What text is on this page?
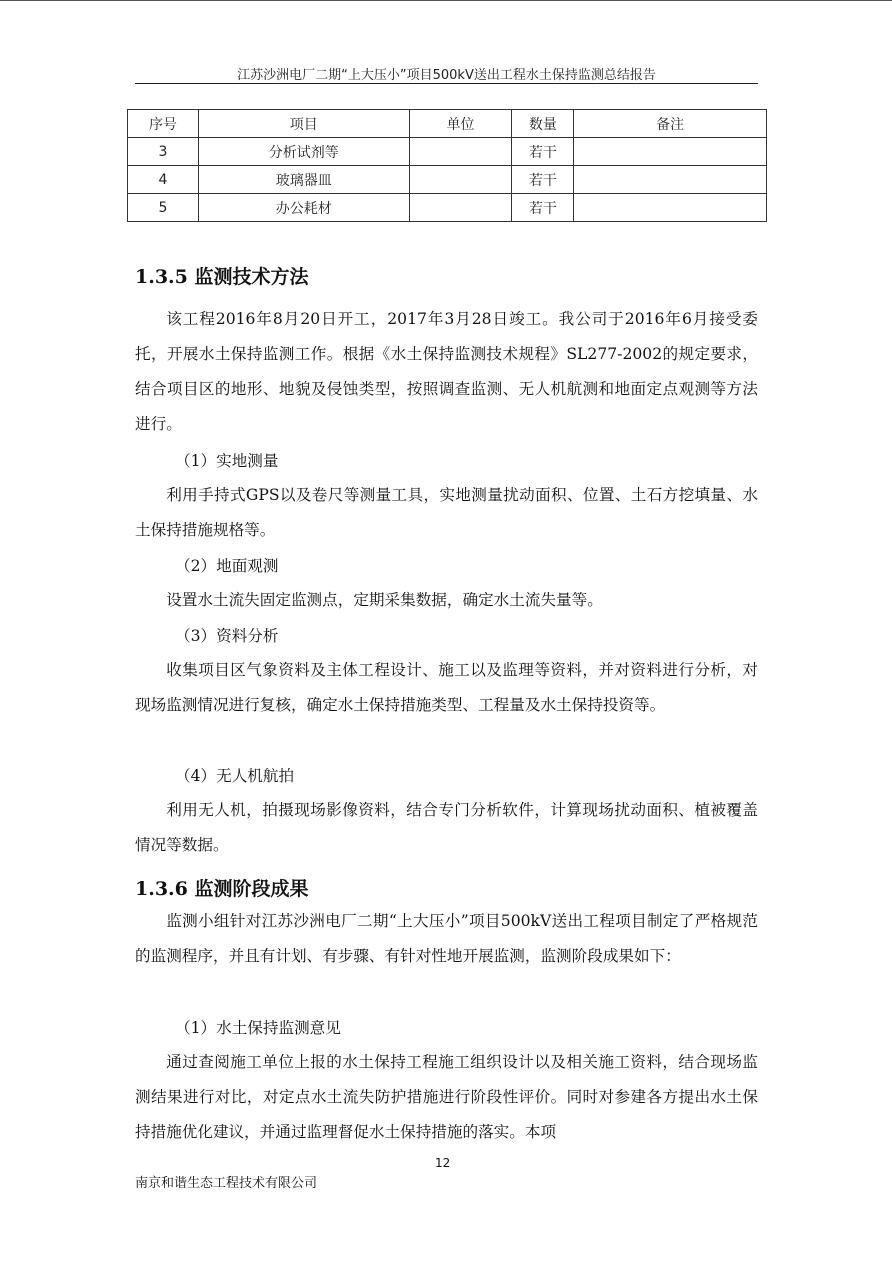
江苏沙洲电厂二期“上大压小”项目500kV送出工程水土保持监测总结报告
序号	项目	单位	数量	备注
3	分析试剂等		若干	
4	玻璃器皿		若干	
5	办公耗材		若干	
1.3.5 监测技术方法

该工程2016年8月20日开工，2017年3月28日竣工。我公司于2016年6月接受委托，开展水土保持监测工作。根据《水土保持监测技术规程》SL277-2002的规定要求，结合项目区的地形、地貌及侵蚀类型，按照调查监测、无人机航测和地面定点观测等方法进行。

（1）实地测量

利用手持式GPS以及卷尺等测量工具，实地测量扰动面积、位置、土石方挖填量、水土保持措施规格等。

（2）地面观测

设置水土流失固定监测点，定期采集数据，确定水土流失量等。

（3）资料分析

收集项目区气象资料及主体工程设计、施工以及监理等资料，并对资料进行分析，对现场监测情况进行复核，确定水土保持措施类型、工程量及水土保持投资等。

（4）无人机航拍

利用无人机，拍摄现场影像资料，结合专门分析软件，计算现场扰动面积、植被覆盖情况等数据。

1.3.6 监测阶段成果

监测小组针对江苏沙洲电厂二期“上大压小”项目500kV送出工程项目制定了严格规范的监测程序，并且有计划、有步骤、有针对性地开展监测，监测阶段成果如下：

（1）水土保持监测意见

通过查阅施工单位上报的水土保持工程施工组织设计以及相关施工资料，结合现场监测结果进行对比，对定点水土流失防护措施进行阶段性评价。同时对参建各方提出水土保持措施优化建议，并通过监理督促水土保持措施的落实。本项

12
南京和谐生态工程技术有限公司
